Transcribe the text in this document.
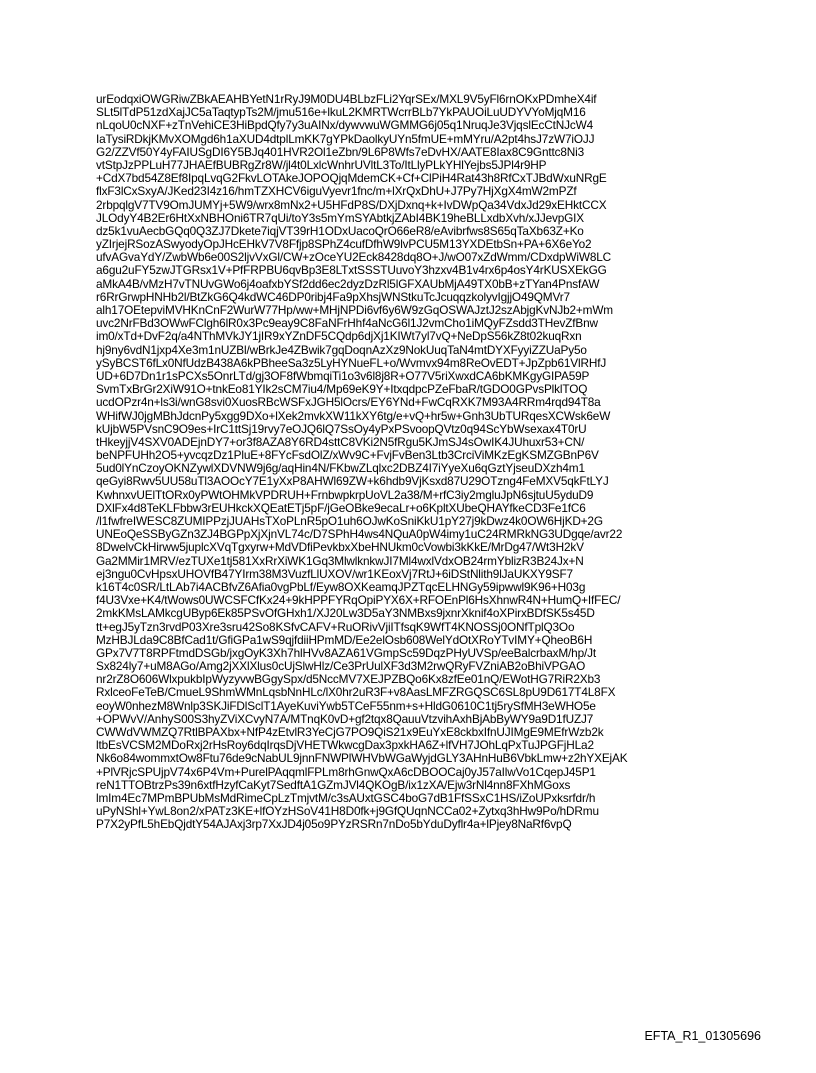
urEodqxiOWGRiwZBkAEAHBYetN1rRyJ9M0DU4BLbzFLi2YqrSEx/MXL9V5yFl6rnOKxPDmheX4if
SLt5lTdP51zdXajJC5aTaqtypTs2M/jmu516e+lkuL2KMRTWcrrBLb7YkPAUOiLuUDYVYoMjqM16
nLqoU0cNXF+zTnVehiCE3HiBpdQfy7y3uAINx/dywvwuWGMMG6j05q1NruqJe3VjqslEcCtNJcW4
IaTysiRDkjKMvXOMgd6h1aXUD4dtplLmKK7gYPkDaolkyUYn5fmUE+mMYru/A2pt4hsJ7zW7iOJJ
G2/ZZVf50Y4yFAIUSgDI6Y5BJq401HVR2Ol1eZbn/9L6P8Wfs7eDvHX/AATE8Iax8C9Gnttc8Ni3
vtStpJzPPLuH77JHAEfBUBRgZr8W/jl4t0LxlcWnhrUVltL3To/ItLlyPLkYHlYejbs5JPl4r9HP
+CdX7bd54Z8Ef8IpqLvqG2FkvLOTAkeJOPOQjqMdemCK+Cf+ClPiH4Rat43h8RfCxTJBdWxuNRgE
flxF3lCxSxyA/JKed23I4z16/hmTZXHCV6iguVyevr1fnc/m+lXrQxDhU+J7Py7HjXgX4mW2mPZf
2rbpqlgV7TV9OmJUMYj+5W9/wrx8mNx2+U5HFdP8S/DXjDxnq+k+IvDWpQa34VdxJd29xEHktCCX
JLOdyY4B2Er6HtXxNBHOni6TR7qUi/toY3s5mYmSYAbtkjZAbI4BK19heBLLxdbXvh/xJJevpGIX
dz5k1vuAecbGQq0Q3ZJ7Dkete7iqjVT39rH1ODxUacoQrO66eR8/eAvibrfws8S65qTaXb63Z+Ko
yZIrjejRSozASwyodyOpJHcEHkV7V8Ffjp8SPhZ4cufDfhW9lvPCU5M13YXDEtbSn+PA+6X6eYo2
ufvAGvaYdY/ZwbWb6e00S2ljvVxGl/CW+zOceYU2Eck8428dq8O+J/wO07xZdWmm/CDxdpWiW8LC
a6gu2uFY5zwJTGRsx1V+PfFRPBU6qvBp3E8LTxtSSSTUuvoY3hzxv4B1v4rx6p4osY4rKUSXEkGG
aMkA4B/vMzH7vTNUvGWo6j4oafxbYSf2dd6ec2dyzDzRl5lGFXAUbMjA49TX0bB+zTYan4PnsfAW
r6RrGrwpHNHb2l/BtZkG6Q4kdWC46DP0ribj4Fa9pXhsjWNStkuTcJcuqqzkolyvIgjjO49QMVr7
alh17OEtepviMVHKnCnF2WurW77Hp/ww+MHjNPDi6vf6y6W9zGqOSWAJztJ2szAbjgKvNJb2+mWm
uvc2NrFBd3OWwFClgh6lR0x3Pc9eay9C8FaNFrHhf4aNcG6l1J2vmCho1iMQyFZsdd3THevZfBnw
im0/xTd+DvF2q/a4NThMVkJY1jIR9xYZnDF5CQdp6djXj1KIWt7yl7vQ+NeDpS56kZ8t02kuqRxn
hj9ny6vdN1jxp4Xe3m1nUZBl/wBrkJe4ZBwik7gqDoqnAzXz9NokUuqTaN4mtDYXFyyiZZUaPy5o
ySyBCST6fLx0NfUdzB438A6kPBheeSa3z5LyHYNueFL+o/Wvmvx94m8ReOvEDT+JpZpb61VlRHfJ
UD+6D7Dn1r1sPCXs5OnrLTd/gj3OF8fWbmqiTi1o3v6l8j8R+O77V5riXwxdCA6bKMKgyGIPA59P
SvmTxBrGr2XiW91O+tnkEo81YIk2sCM7iu4/Mp69eK9Y+ItxqdpcPZeFbaR/tGDO0GPvsPlklTOQ
ucdOPzr4n+ls3i/wnG8svi0XuosRBcWSFxJGH5lOcrs/EY6YNd+FwCqRXK7M93A4RRm4rqd94T8a
WHifWJ0jgMBhJdcnPy5xgg9DXo+lXek2mvkXW11kXY6tg/e+vQ+hr5w+Gnh3UbTURqesXCWsk6eW
kUjbW5PVsnC9O9es+IrC1ttSj19rvy7eOJQ6lQ7SsOy4yPxPSvoopQVtz0q94ScYbWsexax4T0rU
tHkeyjjV4SXV0ADEjnDY7+or3f8AZA8Y6RD4sttC8VKi2N5fRgu5KJmSJ4sOwIK4JUhuxr53+CN/
beNPFUHh2O5+yvcqzDz1PluE+8FYcFsdOlZ/xWv9C+FvjFvBen3Ltb3CrciViMKzEgKSMZGBnP6V
5ud0lYnCzoyOKNZywlXDVNW9j6g/aqHin4N/FKbwZLqlxc2DBZ4I7iYyeXu6qGztYjseuDXzh4m1
qeGyi8Rwv5UU58uTl3AOOcY7E1yXxP8AHWl69ZW+k6hdb9VjKsxd87U29OTzng4FeMXV5qkFtLYJ
KwhnxvUElTtORx0yPWtOHMkVPDRUH+FrnbwpkrpUoVL2a38/M+rfC3iy2mgluJpN6sjtuU5yduD9
DXlFx4d8TeKLFbbw3rEUHkckXQEatETj5pF/jGeOBke9ecaLr+o6KpltXUbeQHAYfkeCD3Fe1fC6
/l1fwfreIWESC8ZUMIPPzjJUAHsTXoPLnR5pO1uh6OJwKoSniKkU1pY27j9kDwz4k0OW6HjKD+2G
UNEoQeSSByGZn3ZJ4BGPpXjXjnVL74c/D7SPhH4ws4NQuA0pW4imy1uC24RMRkNG3UDgqe/avr22
8DwelvCkHirww5juplcXVqTgxyrw+MdVDfiPevkbxXbeHNUkm0cVowbi3kKkE/MrDg47/Wt3H2kV
Ga2MMir1MRV/ezTUXe1tj581XxRrXiWK1Gq3MlwlknkwJI7Ml4wxlVdxOB24rmYblizR3B24Jx+N
ej3ngu0CvHpsxUHOVfB47YIrm38M3VuzfLlUXOV/wr1KEoxVj7RtJ+6iDStNlith9lJaUKXY9SF7
k16T4c0SR/LtLAb7i4ACBfvZ6Afia0vgPbLf/Eyw8OXKeamqJPZTqcELHNGy59ipwwl9K96+H03g
f4U3Vxe+K4/tWows0UWCSFCfKx24+9kHPPFYRqOpiPYX6X+RFOEnPl6HsXhnwR4N+HumQ+IfFEC/
2mkKMsLAMkcgUByp6Ek85PSvOfGHxh1/XJ20Lw3D5aY3NMBxs9jxnrXknif4oXPirxBDfSK5s45D
tt+egJ5yTzn3rvdP03Xre3sru42So8KSfvCAFV+RuORivVjiITfsqK9WfT4KNOSSj0ONfTplQ3Oo
MzHBJLda9C8BfCad1t/GfiGPa1wS9qjfdiiHPmMD/Ee2elOsb608WelYdOtXRoYTvIMY+QheoB6H
GPx7V7T8RPFtmdDSGb/jxgOyK3Xh7hlHVv8AZA61VGmpSc59DqzPHyUVSp/eeBalcrbaxM/hp/Jt
Sx824ly7+uM8AGo/Amg2jXXlXlus0cUjSlwHlz/Ce3PrUulXF3d3M2rwQRyFVZniAB2oBhiVPGAO
nr2rZ8O606WlxpukbIpWyzyvwBGgySpx/d5NccMV7XEJPZBQo6Kx8zfEe01nQ/EWotHG7RiR2Xb3
RxlceoFeTeB/CmueL9ShmWMnLqsbNnHLc/lX0hr2uR3F+v8AasLMFZRGQSC6SL8pU9D617T4L8FX
eoyW0nhezM8Wnlp3SKJiFDlSclT1AyeKuviYwb5TCeF55nm+s+HldG0610C1tj5rySfMH3eWHO5e
+OPWvV/AnhyS00S3hyZViXCvyN7A/MTnqK0vD+gf2tqx8QauuVtzvihAxhBjAbByWY9a9D1fUZJ7
CWWdVWMZQ7RtlBPAXbx+NfP4zEtvlR3YeCjG7PO9QiS21x9EuYxE8ckbxIfnUJIMgE9MEfrWzb2k
ltbEsVCSM2MDoRxj2rHsRoy6dqIrqsDjVHETWkwcgDax3pxkHA6Z+lfVH7JOhLqPxTuJPGFjHLa2
Nk6o84wommxtOw8Ftu76de9cNabUL9jnnFNWPlWHVbWGaWyjdGLY3AHnHuB6VbkLmw+z2hYXEjAK
+PlVRjcSPUjpV74x6P4Vm+PurelPAqqmlFPLm8rhGnwQxA6cDBOOCaj0yJ57aIlwVo1CqepJ45P1
reN1TTOBtrzPs39n6xtfHzyfCaKyt7SedftA1GZmJVl4QKOgB/ix1zXA/Ejw3rNl4nn8FXhMGoxs
lmIm4Ec7MPmBPUbMsMdRimeCpLzTmjvtM/c3sAUxtGSC4boG7dB1FfSSxC1HS/iZoUPxksrfdr/h
uPyNShl+YwL8on2/xPATz3KE+lfOYzHSoV41H8D0fk+j9GfQUqnNCCa02+Zytxq3hHw9Po/hDRmu
P7X2yPfL5hEbQjdtY54AJAxj3rp7XxJD4j05o9PYzRSRn7nDo5bYduDyflr4a+lPjey8NaRf6vpQ
EFTA_R1_01305696
